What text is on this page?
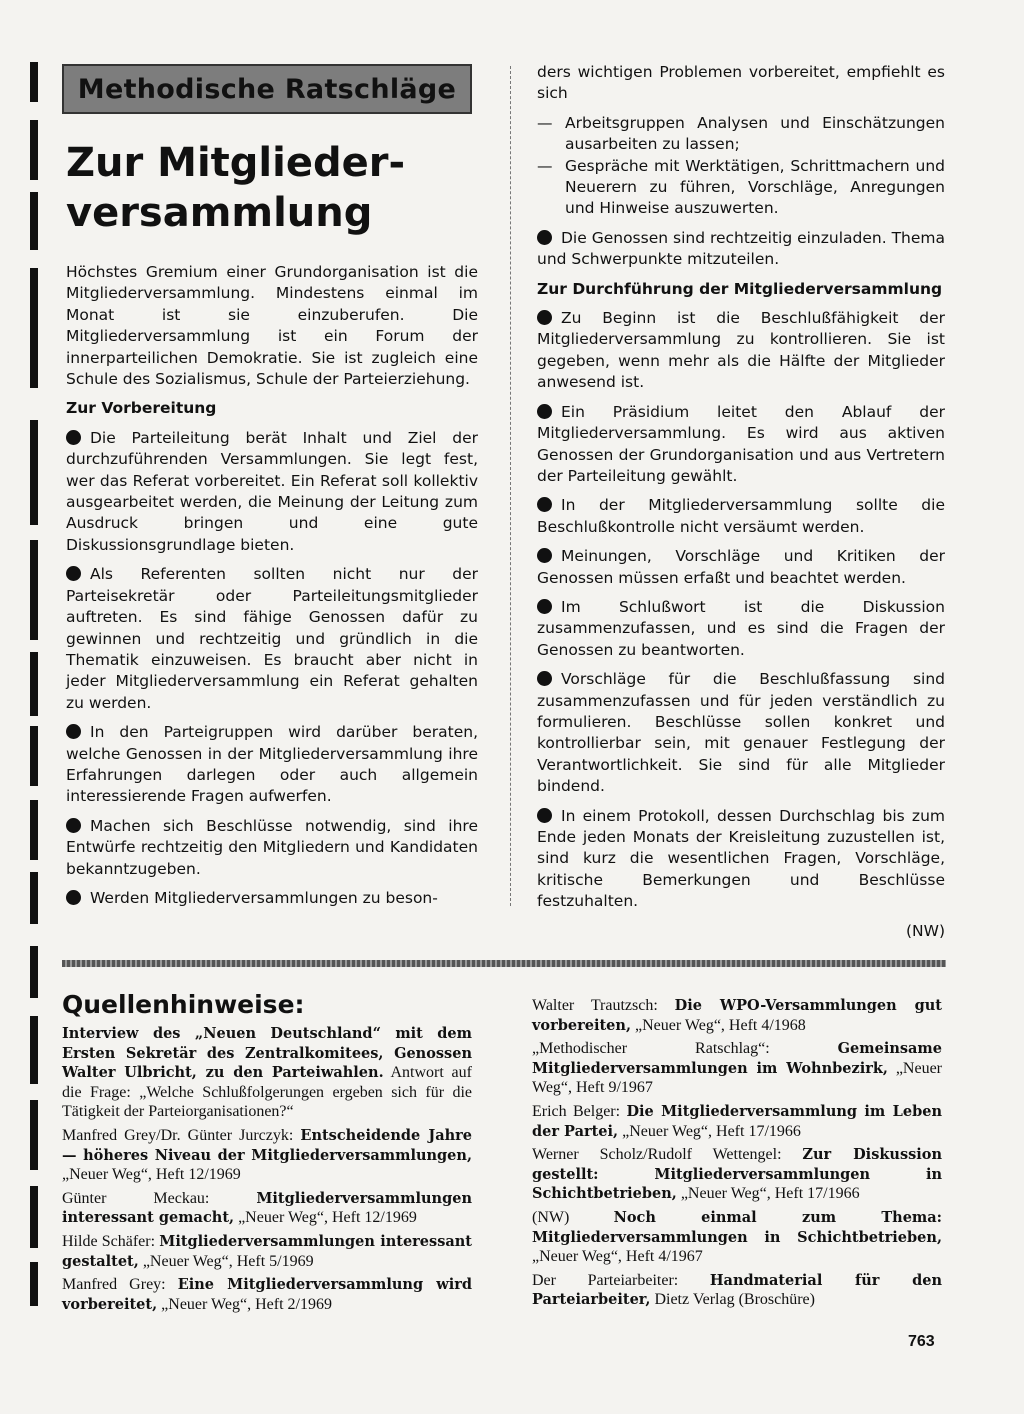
Methodische Ratschläge
Zur Mitglieder-
versammlung

Höchstes Gremium einer Grundorganisation ist die Mitgliederversammlung. Mindestens einmal im Monat ist sie einzuberufen. Die Mitgliederversammlung ist ein Forum der innerparteilichen Demokratie. Sie ist zugleich eine Schule des Sozialismus, Schule der Parteierziehung.

Zur Vorbereitung

Die Parteileitung berät Inhalt und Ziel der durchzuführenden Versammlungen. Sie legt fest, wer das Referat vorbereitet. Ein Referat soll kollektiv ausgearbeitet werden, die Meinung der Leitung zum Ausdruck bringen und eine gute Diskussionsgrundlage bieten.

Als Referenten sollten nicht nur der Parteisekretär oder Parteileitungsmitglieder auftreten. Es sind fähige Genossen dafür zu gewinnen und rechtzeitig und gründlich in die Thematik einzuweisen. Es braucht aber nicht in jeder Mitgliederversammlung ein Referat gehalten zu werden.

In den Parteigruppen wird darüber beraten, welche Genossen in der Mitgliederversammlung ihre Erfahrungen darlegen oder auch allgemein interessierende Fragen aufwerfen.

Machen sich Beschlüsse notwendig, sind ihre Entwürfe rechtzeitig den Mitgliedern und Kandidaten bekanntzugeben.

Werden Mitgliederversammlungen zu beson-

ders wichtigen Problemen vorbereitet, empfiehlt es sich

— Arbeitsgruppen Analysen und Einschätzungen ausarbeiten zu lassen;
— Gespräche mit Werktätigen, Schrittmachern und Neuerern zu führen, Vorschläge, Anregungen und Hinweise auszuwerten.

Die Genossen sind rechtzeitig einzuladen. Thema und Schwerpunkte mitzuteilen.

Zur Durchführung der Mitgliederversammlung

Zu Beginn ist die Beschlußfähigkeit der Mitgliederversammlung zu kontrollieren. Sie ist gegeben, wenn mehr als die Hälfte der Mitglieder anwesend ist.

Ein Präsidium leitet den Ablauf der Mitgliederversammlung. Es wird aus aktiven Genossen der Grundorganisation und aus Vertretern der Parteileitung gewählt.

In der Mitgliederversammlung sollte die Beschlußkontrolle nicht versäumt werden.

Meinungen, Vorschläge und Kritiken der Genossen müssen erfaßt und beachtet werden.

Im Schlußwort ist die Diskussion zusammenzufassen, und es sind die Fragen der Genossen zu beantworten.

Vorschläge für die Beschlußfassung sind zusammenzufassen und für jeden verständlich zu formulieren. Beschlüsse sollen konkret und kontrollierbar sein, mit genauer Festlegung der Verantwortlichkeit. Sie sind für alle Mitglieder bindend.

In einem Protokoll, dessen Durchschlag bis zum Ende jeden Monats der Kreisleitung zuzustellen ist, sind kurz die wesentlichen Fragen, Vorschläge, kritische Bemerkungen und Beschlüsse festzuhalten.

(NW)

Quellenhinweise:

Interview des „Neuen Deutschland“ mit dem Ersten Sekretär des Zentralkomitees, Genossen Walter Ulbricht, zu den Parteiwahlen. Antwort auf die Frage: „Welche Schlußfolgerungen ergeben sich für die Tätigkeit der Parteiorganisationen?“

Manfred Grey/Dr. Günter Jurczyk: Entscheidende Jahre — höheres Niveau der Mitgliederversammlungen, „Neuer Weg“, Heft 12/1969

Günter Meckau: Mitgliederversammlungen interessant gemacht, „Neuer Weg“, Heft 12/1969

Hilde Schäfer: Mitgliederversammlungen interessant gestaltet, „Neuer Weg“, Heft 5/1969

Manfred Grey: Eine Mitgliederversammlung wird vorbereitet, „Neuer Weg“, Heft 2/1969

Walter Trautzsch: Die WPO-Versammlungen gut vorbereiten, „Neuer Weg“, Heft 4/1968

„Methodischer Ratschlag“: Gemeinsame Mitgliederversammlungen im Wohnbezirk, „Neuer Weg“, Heft 9/1967

Erich Belger: Die Mitgliederversammlung im Leben der Partei, „Neuer Weg“, Heft 17/1966

Werner Scholz/Rudolf Wettengel: Zur Diskussion gestellt: Mitgliederversammlungen in Schichtbetrieben, „Neuer Weg“, Heft 17/1966

(NW) Noch einmal zum Thema: Mitgliederversammlungen in Schichtbetrieben, „Neuer Weg“, Heft 4/1967

Der Parteiarbeiter: Handmaterial für den Parteiarbeiter, Dietz Verlag (Broschüre)

763
